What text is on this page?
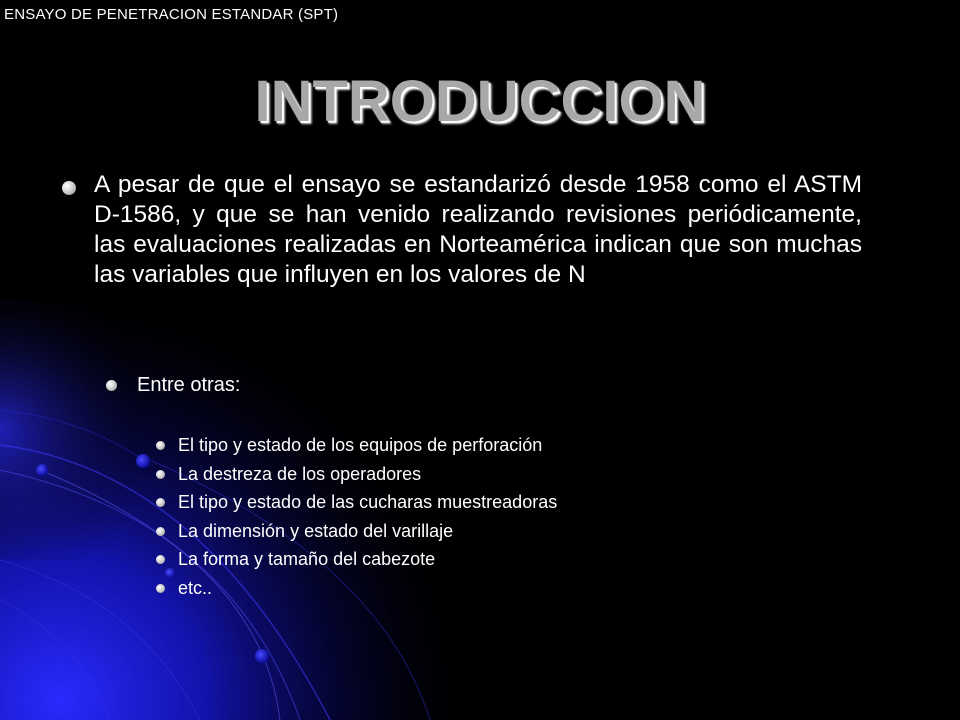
ENSAYO DE PENETRACION ESTANDAR (SPT)
INTRODUCCION
A pesar de que el ensayo se estandarizó desde 1958 como el ASTM D-1586, y que se han venido realizando revisiones periódicamente, las evaluaciones realizadas en Norteamérica indican que son muchas las variables que influyen en los valores de N
Entre otras:
El tipo y estado de los equipos de perforación
La destreza de los operadores
El tipo y estado de las cucharas muestreadoras
La dimensión y estado del varillaje
La forma y tamaño del cabezote
etc..
